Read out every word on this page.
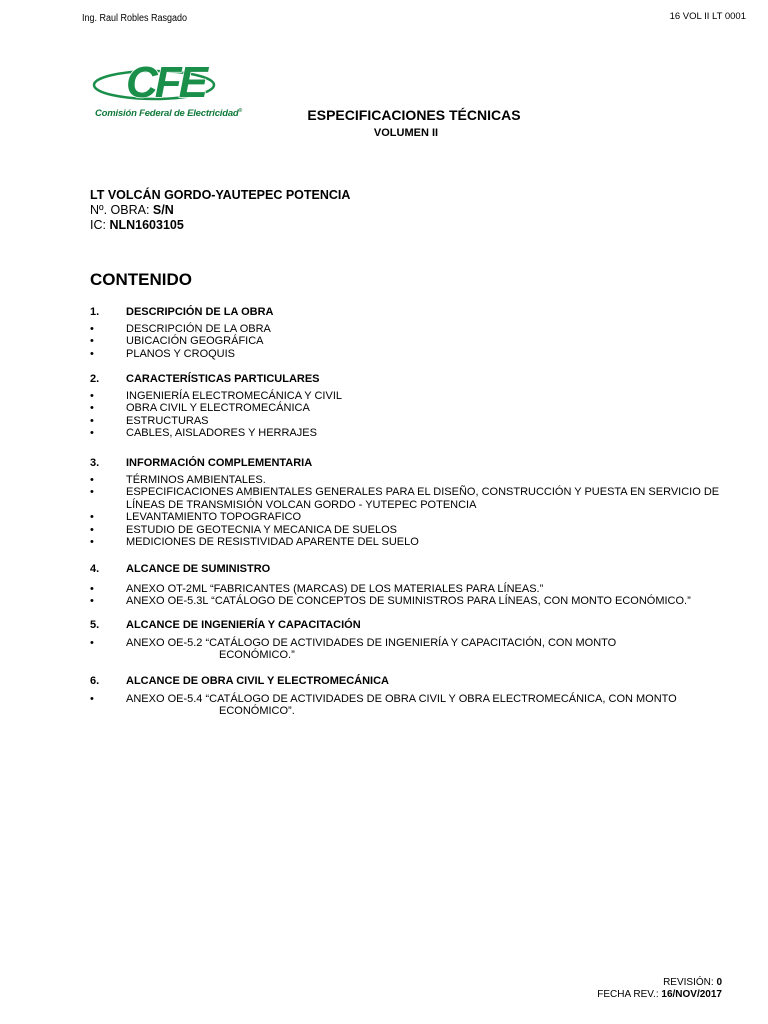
Ing. Raul Robles Rasgado	16 VOL II LT 0001
CFE
Comisión Federal de Electricidad®	ESPECIFICACIONES TÉCNICAS
VOLUMEN II
LT VOLCÁN GORDO-YAUTEPEC POTENCIA
Nº. OBRA: S/N
IC: NLN1603105
CONTENIDO
1. DESCRIPCIÓN DE LA OBRA
• DESCRIPCIÓN DE LA OBRA
• UBICACIÓN GEOGRÁFICA
• PLANOS Y CROQUIS
2. CARACTERÍSTICAS PARTICULARES
• INGENIERÍA ELECTROMECÁNICA Y CIVIL
• OBRA CIVIL Y ELECTROMECÁNICA
• ESTRUCTURAS
• CABLES, AISLADORES Y HERRAJES
3. INFORMACIÓN COMPLEMENTARIA
• TÉRMINOS AMBIENTALES.
• ESPECIFICACIONES AMBIENTALES GENERALES PARA EL DISEÑO, CONSTRUCCIÓN Y PUESTA EN SERVICIO DE LÍNEAS DE TRANSMISIÓN VOLCAN GORDO - YUTEPEC POTENCIA
• LEVANTAMIENTO TOPOGRAFICO
• ESTUDIO DE GEOTECNIA Y MECANICA DE SUELOS
• MEDICIONES DE RESISTIVIDAD APARENTE DEL SUELO
4. ALCANCE DE SUMINISTRO
• ANEXO OT-2ML “FABRICANTES (MARCAS) DE LOS MATERIALES PARA LÍNEAS.”
• ANEXO OE-5.3L “CATÁLOGO DE CONCEPTOS DE SUMINISTROS PARA LÍNEAS, CON MONTO ECONÓMICO.”
5. ALCANCE DE INGENIERÍA Y CAPACITACIÓN
• ANEXO OE-5.2 “CATÁLOGO DE ACTIVIDADES DE INGENIERÍA Y CAPACITACIÓN, CON MONTO
ECONÓMICO.”
6. ALCANCE DE OBRA CIVIL Y ELECTROMECÁNICA
• ANEXO OE-5.4 “CATÁLOGO DE ACTIVIDADES DE OBRA CIVIL Y OBRA ELECTROMECÁNICA, CON MONTO
ECONÓMICO”.
REVISIÓN: 0
FECHA REV.: 16/NOV/2017
